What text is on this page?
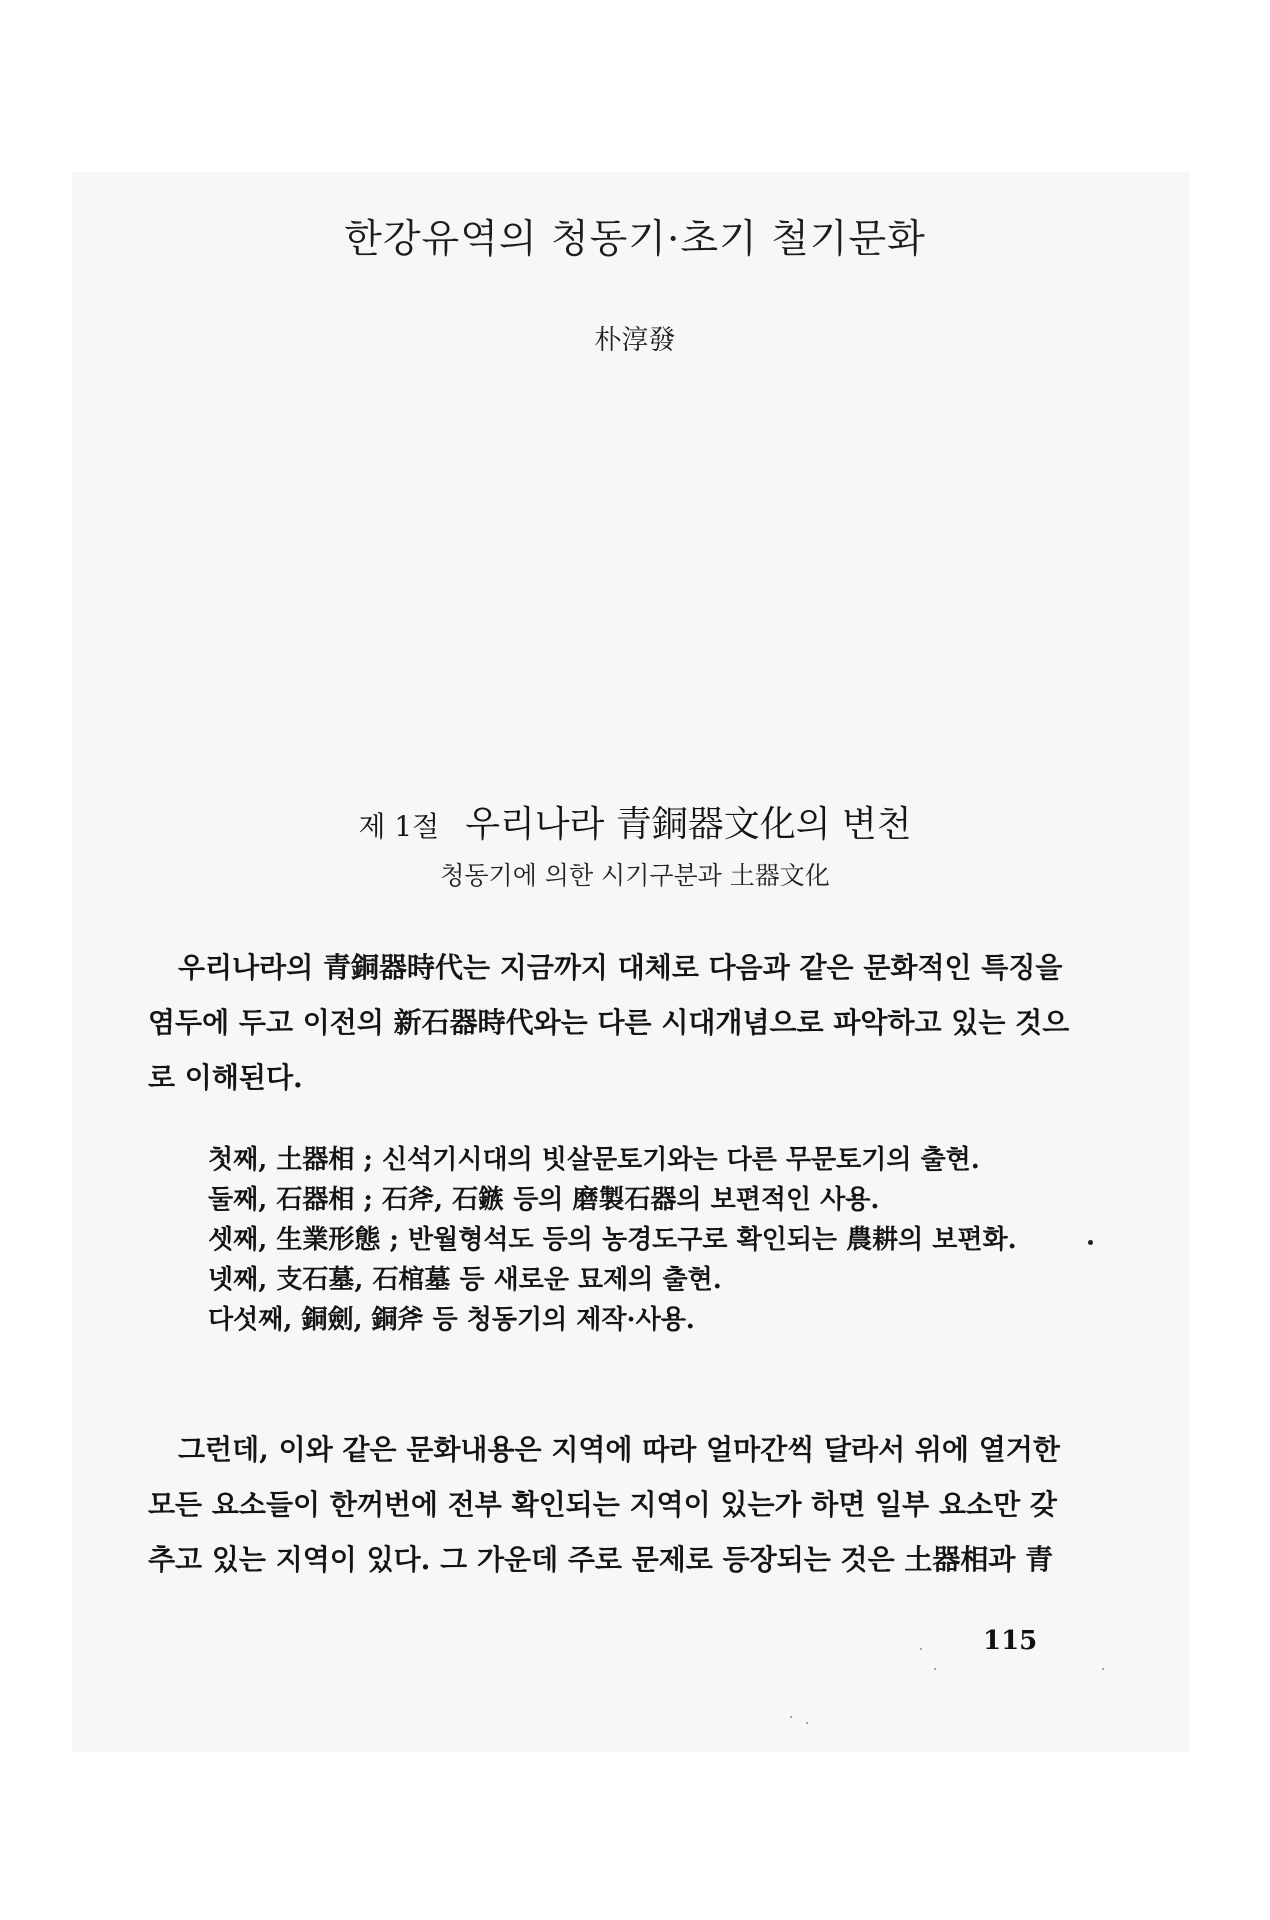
한강유역의 청동기·초기 철기문화
朴淳發
제 1절 우리나라 青銅器文化의 변천
청동기에 의한 시기구분과 土器文化
우리나라의 青銅器時代는 지금까지 대체로 다음과 같은 문화적인 특징을
염두에 두고 이전의 新石器時代와는 다른 시대개념으로 파악하고 있는 것으
로 이해된다.
첫째, 土器相 ; 신석기시대의 빗살문토기와는 다른 무문토기의 출현.
둘째, 石器相 ; 石斧, 石鏃 등의 磨製石器의 보편적인 사용.
셋째, 生業形態 ; 반월형석도 등의 농경도구로 확인되는 農耕의 보편화.
넷째, 支石墓, 石棺墓 등 새로운 묘제의 출현.
다섯째, 銅劍, 銅斧 등 청동기의 제작·사용.
그런데, 이와 같은 문화내용은 지역에 따라 얼마간씩 달라서 위에 열거한
모든 요소들이 한꺼번에 전부 확인되는 지역이 있는가 하면 일부 요소만 갖
추고 있는 지역이 있다. 그 가운데 주로 문제로 등장되는 것은 土器相과 青
115
